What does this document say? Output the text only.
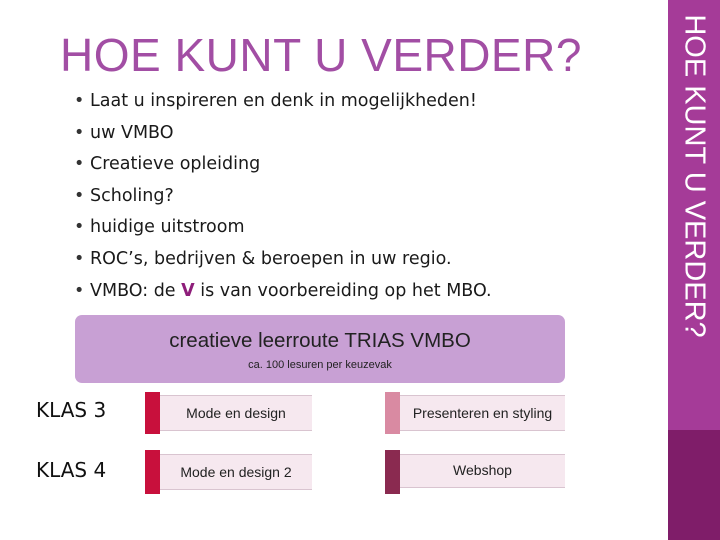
HOE KUNT U VERDER?
HOE KUNT U VERDER?
• Laat u inspireren en denk in mogelijkheden!
• uw VMBO
• Creatieve opleiding
• Scholing?
• huidige uitstroom
• ROC’s, bedrijven & beroepen in uw regio.
• VMBO: de V is van voorbereiding op het MBO.
creatieve leerroute TRIAS VMBO
ca. 100 lesuren per keuzevak
KLAS 3	Mode en design	Presenteren en styling
KLAS 4	Mode en design 2	Webshop
